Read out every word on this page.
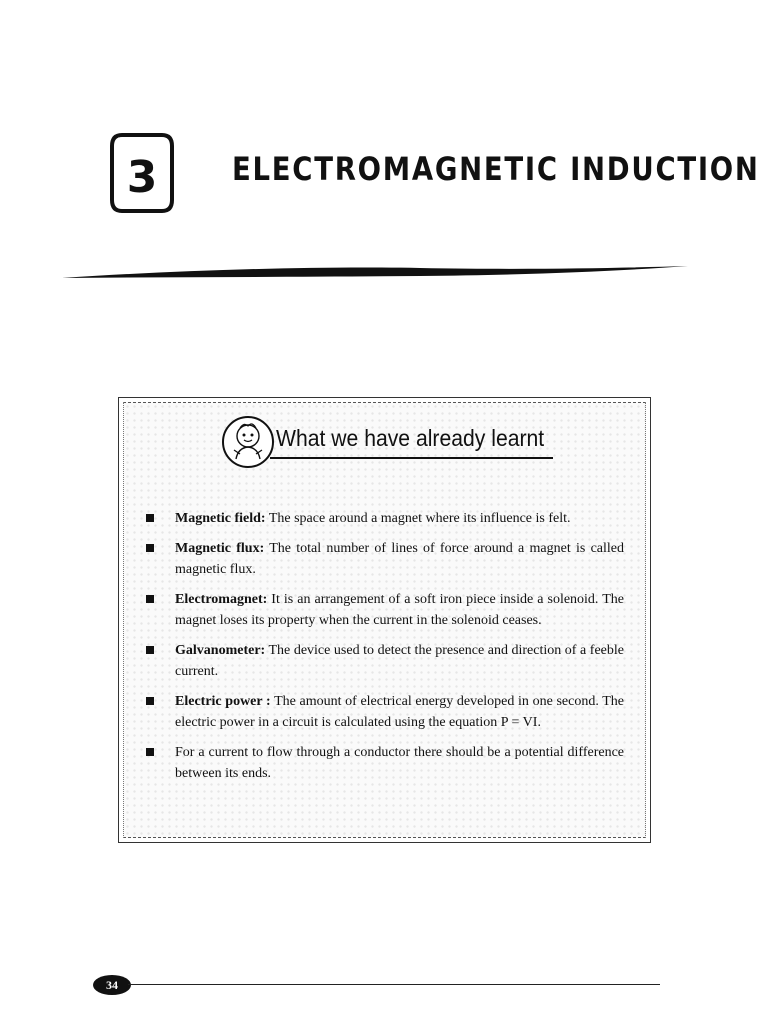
3 ELECTROMAGNETIC INDUCTION
What we have already learnt
Magnetic field: The space around a magnet where its influence is felt.
Magnetic flux: The total number of lines of force around a magnet is called magnetic flux.
Electromagnet: It is an arrangement of a soft iron piece inside a solenoid. The magnet loses its property when the current in the solenoid ceases.
Galvanometer: The device used to detect the presence and direction of a feeble current.
Electric power : The amount of electrical energy developed in one second. The electric power in a circuit is calculated using the equation P = VI.
For a current to flow through a conductor there should be a potential difference between its ends.
34
